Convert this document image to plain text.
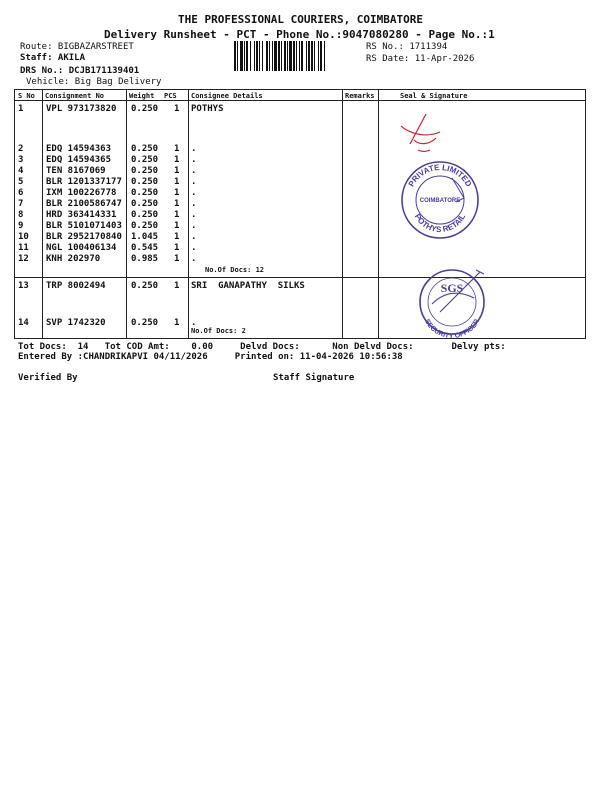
THE PROFESSIONAL COURIERS, COIMBATORE
Delivery Runsheet - PCT - Phone No.:9047080280 - Page No.:1
Route: BIGBAZARSTREET
Staff: AKILA
DRS No.: DCJB171139401
Vehicle: Big Bag Delivery
RS No.: 1711394
RS Date: 11-Apr-2026
S No Consignment No	Weight PCS Consignee Details	Remarks	Seal & Signature
1	VPL 973173820 0.250 1 POTHYS
2	EDQ 14594363 0.250 1 .
3	EDQ 14594365 0.250 1 .
4	TEN 8167069	0.250 1 .
5	BLR 1201337177 0.250 1 .
6	IXM 100226778 0.250 1 .
7	BLR 2100586747 0.250 1 .
8	HRD 363414331 0.250 1 .
9	BLR 5101071403 0.250 1 .
10 BLR 2952170840 1.045 1 .
11 NGL 100406134 0.545 1 .
12 KNH 202970	0.985 1 .
No.Of Docs: 12
13 TRP 8002494	0.250 1 SRI  GANAPATHY  SILKS
14 SVP 1742320	0.250 1 .
No.Of Docs: 2
PRIVATE LIMITED
POTHYS RETAIL
COIMBATORE
SGS
SECURITY OFFICER
Tot Docs:  14   Tot COD Amt:    0.00     Delvd Docs:      Non Delvd Docs:       Delvy pts:
Entered By :CHANDRIKAPVI 04/11/2026     Printed on: 11-04-2026 10:56:38
Verified By	Staff Signature
